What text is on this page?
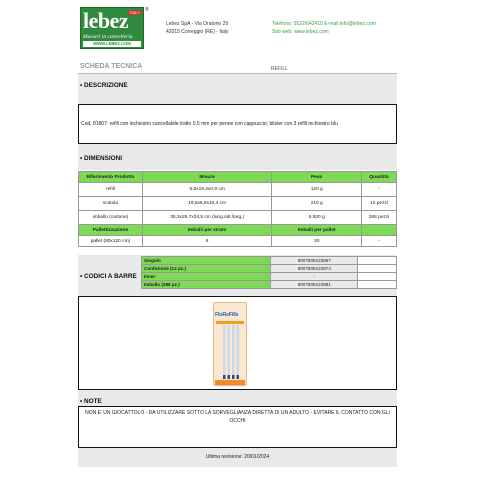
lebez ITALY
Maestri in cancelleria
WWW.LEBEZ.COM
®
Lebez SpA - Via Oratorio 29
42015 Correggio (RE) - Italy
Telefono: 0522/642410 E-mail:info@lebez.com
Sito web: www.lebez.com
SCHEDA TECNICA	REFILL
• DESCRIZIONE
Cod. 81807: refill con inchiostro cancellabile tratto 0,5 mm per penne con cappuccio; blister con 3 refill inchiostro blu
• DIMENSIONI
Riferimento Prodotto	Misure	Peso	Quantità
refill	5,8x19,4x0,9 cm	120 g	-
scatola	19,5x5,9x10,4 cm	210 g	12 pezzi
imballo (cartone)	35,3x25,7x34,5 cm (lung./alt./larg.)	5.920 g	288 pezzi
Pallettizzazione	Imballi per strato	Imballi per pallet	
pallet (80x120 cm)	6	30	-
• CODICI A BARRE
Singolo	8007509123867	
Confezione (12 pz.)	8007509123874	
Inner	-	
Imballo (288 pz.)	8007509123881	
FloReFills
• NOTE
NON E' UN GIOCATTOLO - DA UTILIZZARE SOTTO LA SORVEGLIANZA DIRETTA DI UN ADULTO - EVITARE IL CONTATTO CON GLI OCCHI
Ultima revisione: 20/01/2024
